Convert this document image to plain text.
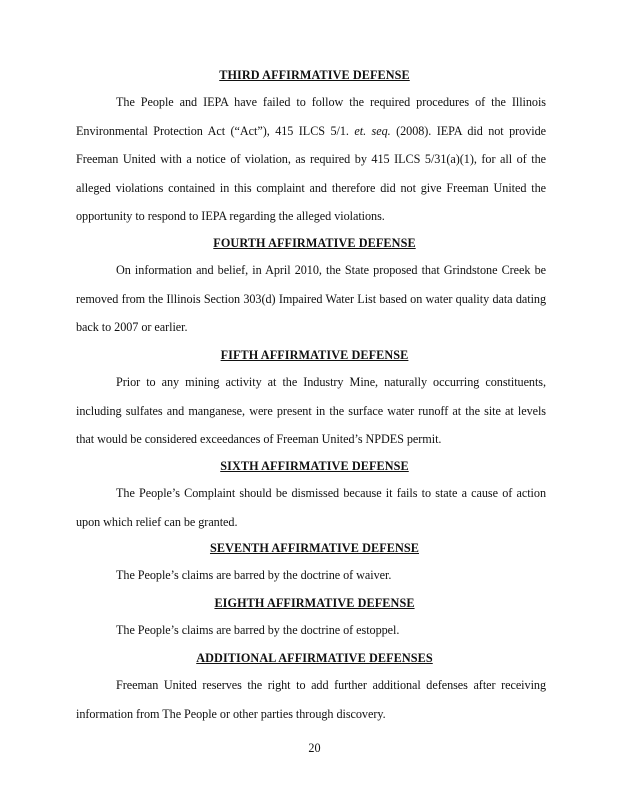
THIRD AFFIRMATIVE DEFENSE

The People and IEPA have failed to follow the required procedures of the Illinois Environmental Protection Act (“Act”), 415 ILCS 5/1. et. seq. (2008). IEPA did not provide Freeman United with a notice of violation, as required by 415 ILCS 5/31(a)(1), for all of the alleged violations contained in this complaint and therefore did not give Freeman United the opportunity to respond to IEPA regarding the alleged violations.

FOURTH AFFIRMATIVE DEFENSE

On information and belief, in April 2010, the State proposed that Grindstone Creek be removed from the Illinois Section 303(d) Impaired Water List based on water quality data dating back to 2007 or earlier.

FIFTH AFFIRMATIVE DEFENSE

Prior to any mining activity at the Industry Mine, naturally occurring constituents, including sulfates and manganese, were present in the surface water runoff at the site at levels that would be considered exceedances of Freeman United’s NPDES permit.

SIXTH AFFIRMATIVE DEFENSE

The People’s Complaint should be dismissed because it fails to state a cause of action upon which relief can be granted.

SEVENTH AFFIRMATIVE DEFENSE

The People’s claims are barred by the doctrine of waiver.

EIGHTH AFFIRMATIVE DEFENSE

The People’s claims are barred by the doctrine of estoppel.

ADDITIONAL AFFIRMATIVE DEFENSES

Freeman United reserves the right to add further additional defenses after receiving information from The People or other parties through discovery.

20
